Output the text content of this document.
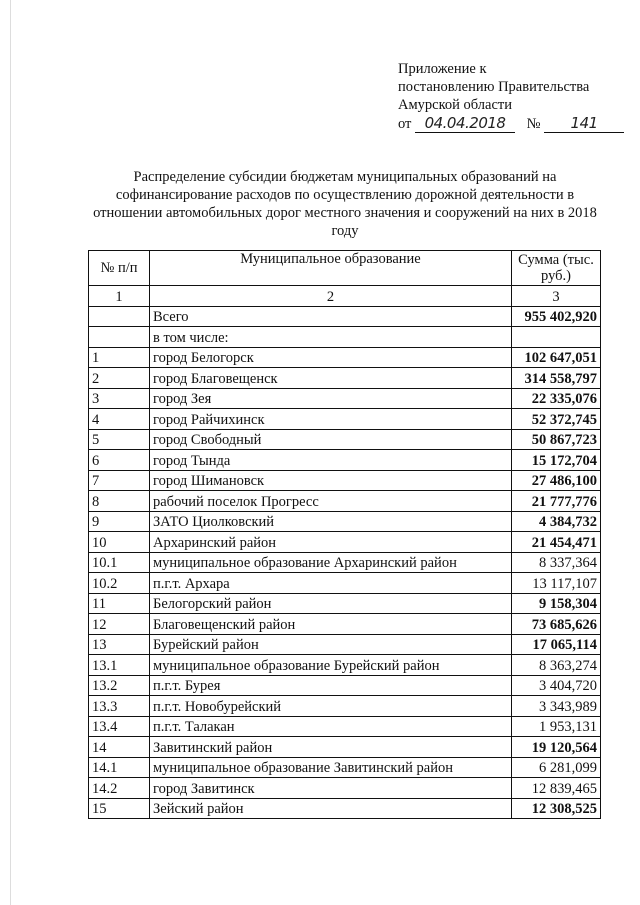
Приложение к
постановлению Правительства
Амурской области
от 04.04.2018 № 141
Распределение субсидии бюджетам муниципальных образований на софинансирование расходов по осуществлению дорожной деятельности в отношении автомобильных дорог местного значения и сооружений на них в 2018 году
№ п/п	Муниципальное образование	Сумма (тыс. руб.)
1	2	3
	Всего	955 402,920
	в том числе:	
1	город Белогорск	102 647,051
2	город Благовещенск	314 558,797
3	город Зея	22 335,076
4	город Райчихинск	52 372,745
5	город Свободный	50 867,723
6	город Тында	15 172,704
7	город Шимановск	27 486,100
8	рабочий поселок Прогресс	21 777,776
9	ЗАТО Циолковский	4 384,732
10	Архаринский район	21 454,471
10.1	муниципальное образование Архаринский район	8 337,364
10.2	п.г.т. Архара	13 117,107
11	Белогорский район	9 158,304
12	Благовещенский район	73 685,626
13	Бурейский район	17 065,114
13.1	муниципальное образование Бурейский район	8 363,274
13.2	п.г.т. Бурея	3 404,720
13.3	п.г.т. Новобурейский	3 343,989
13.4	п.г.т. Талакан	1 953,131
14	Завитинский район	19 120,564
14.1	муниципальное образование Завитинский район	6 281,099
14.2	город Завитинск	12 839,465
15	Зейский район	12 308,525
